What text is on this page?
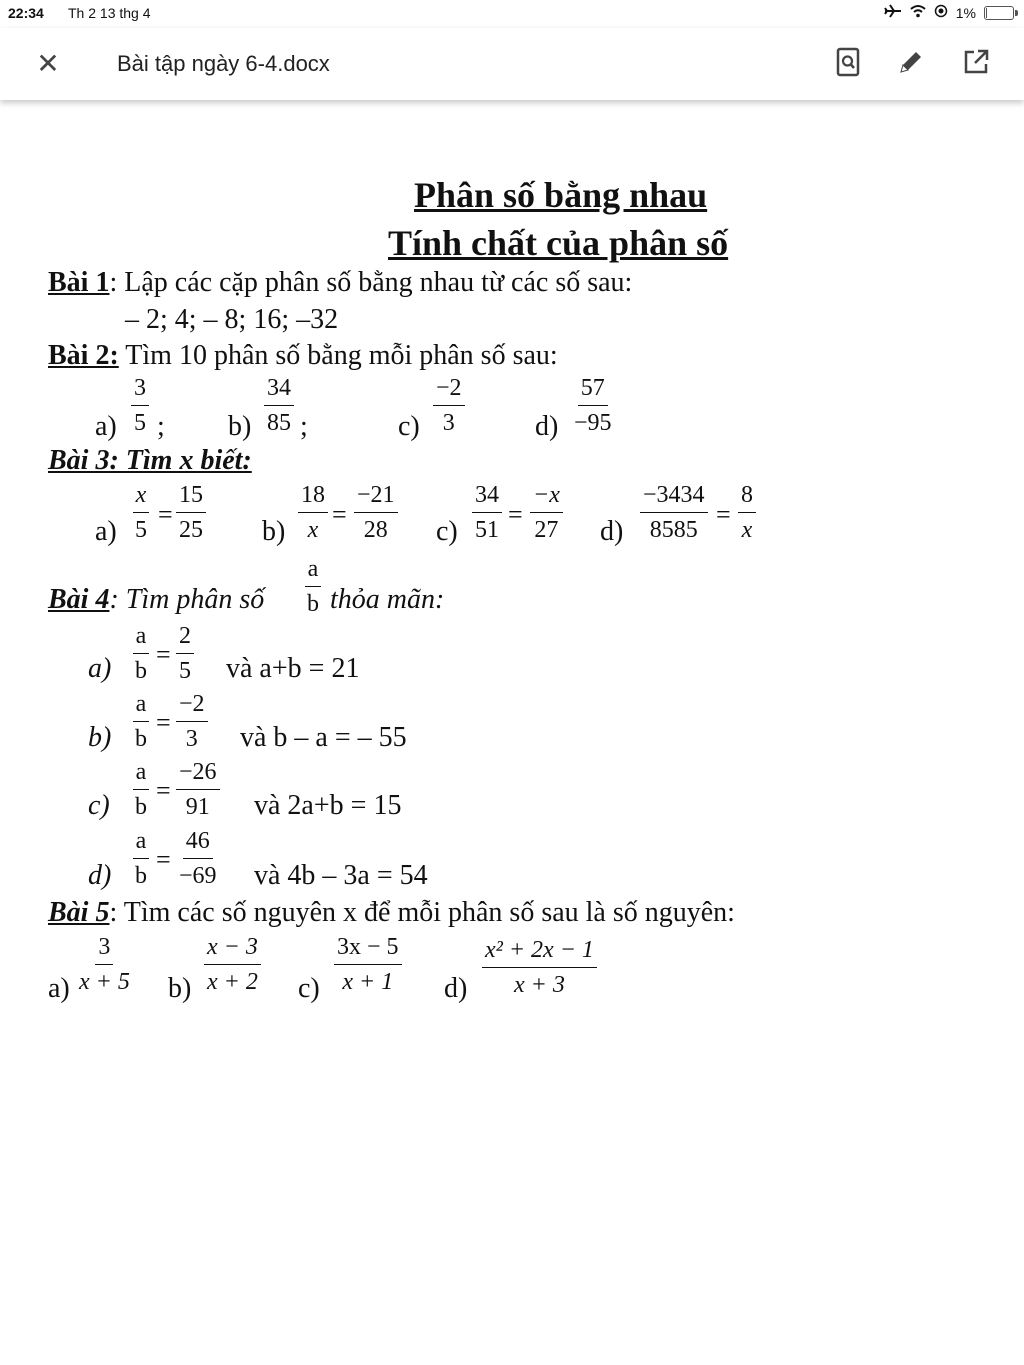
22:34 Th 2 13 thg 4	1%
✕	Bài tập ngày 6-4.docx
Phân số bằng nhau
Tính chất của phân số
Bài 1: Lập các cặp phân số bằng nhau từ các số sau:
– 2; 4; – 8; 16; –32
Bài 2: Tìm 10 phân số bằng mỗi phân số sau:
$a) \frac{3}{5}$ ; $b) \frac{34}{85}$ ;	$c) \frac{-2}{3}$	$d) \frac{57}{-95}$
Bài 3: Tìm x biết:
$a) \frac{x}{5} = \frac{15}{25} b) \frac{18}{x} = \frac{-21}{28} c) \frac{34}{51} = \frac{-x}{27} d) \frac{-3434}{8585} = \frac{8}{x}$
Bài 4: Tìm phân số $\frac{a}{b}$ thỏa mãn:
$a) \frac{a}{b} = \frac{2}{5}$ và a+b = 21
$b) \frac{a}{b} = \frac{-2}{3}$ và b – a = – 55
$c) \frac{a}{b} = \frac{-26}{91}$ và 2a+b = 15
$d) \frac{a}{b} = \frac{46}{-69}$ và 4b – 3a = 54
Bài 5: Tìm các số nguyên x để mỗi phân số sau là số nguyên:
$a) \frac{3}{x + 5} b) \frac{x - 3}{x + 2} c) \frac{3x - 5}{x + 1} d) \frac{\text{x² + 2x − 1}}{x + 3}$
